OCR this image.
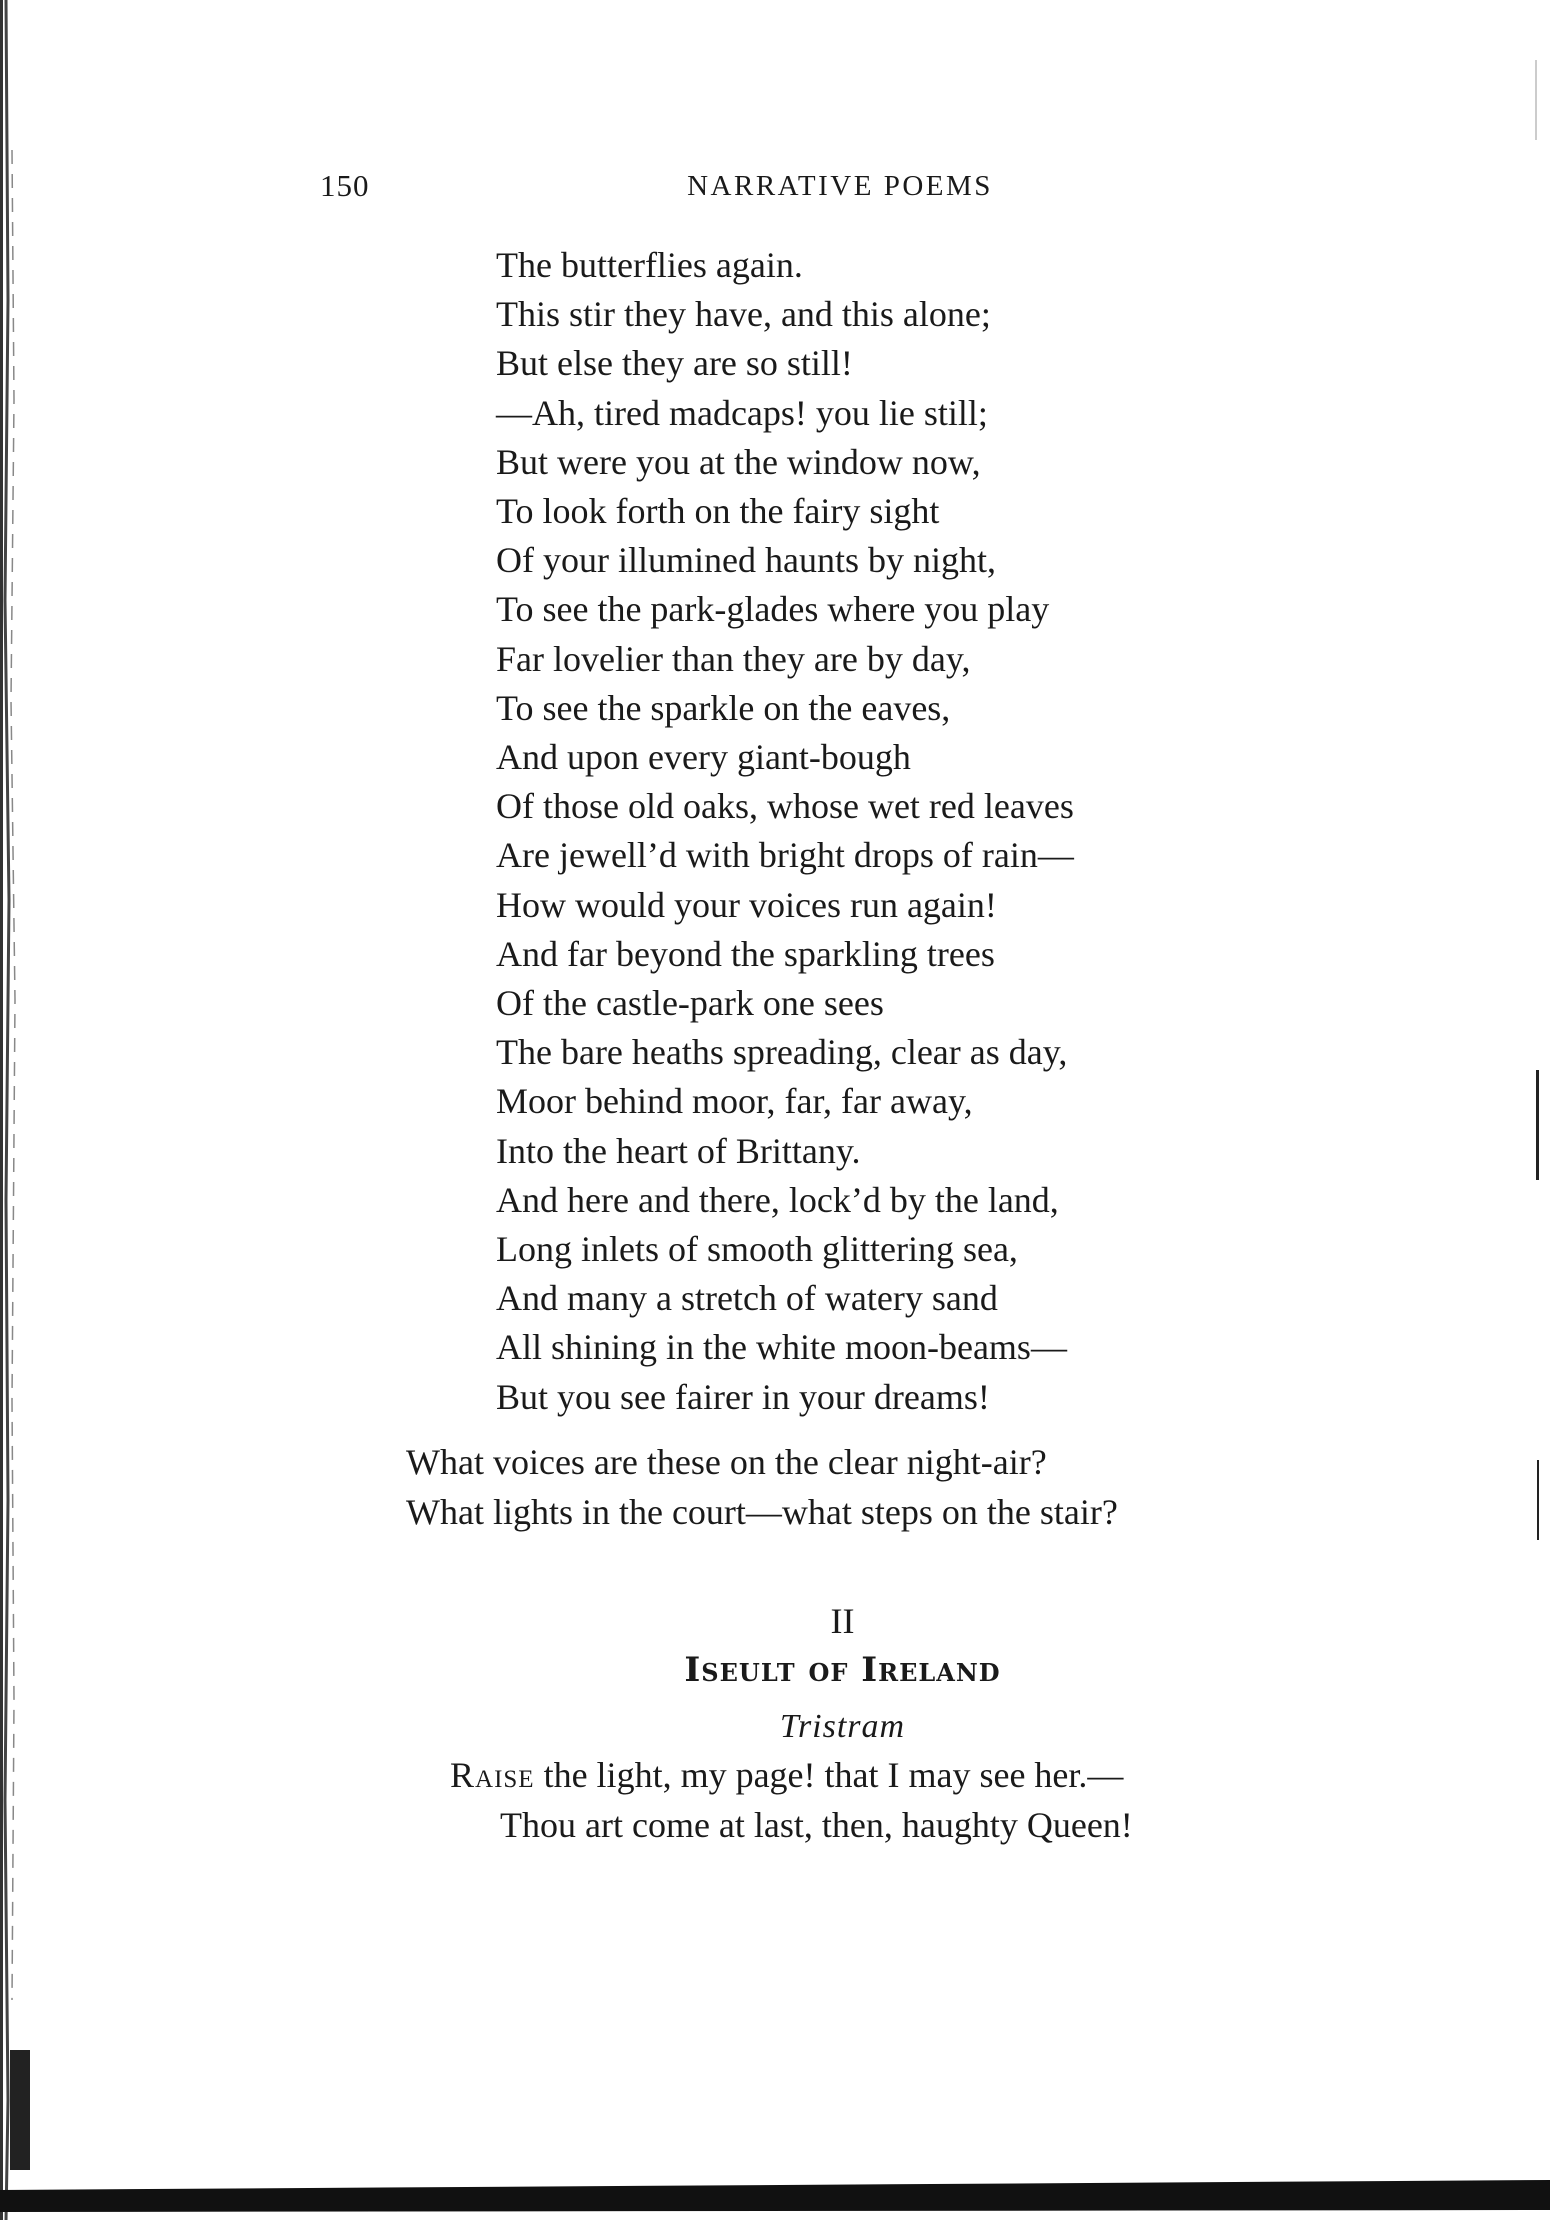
150	NARRATIVE POEMS
The butterflies again.
This stir they have, and this alone;
But else they are so still!
—Ah, tired madcaps! you lie still;
But were you at the window now,
To look forth on the fairy sight
Of your illumined haunts by night,
To see the park-glades where you play
Far lovelier than they are by day,
To see the sparkle on the eaves,
And upon every giant-bough
Of those old oaks, whose wet red leaves
Are jewell’d with bright drops of rain—
How would your voices run again!
And far beyond the sparkling trees
Of the castle-park one sees
The bare heaths spreading, clear as day,
Moor behind moor, far, far away,
Into the heart of Brittany.
And here and there, lock’d by the land,
Long inlets of smooth glittering sea,
And many a stretch of watery sand
All shining in the white moon-beams—
But you see fairer in your dreams!
What voices are these on the clear night-air?
What lights in the court—what steps on the stair?
II
Iseult of Ireland
Tristram
Raise the light, my page! that I may see her.—
Thou art come at last, then, haughty Queen!
